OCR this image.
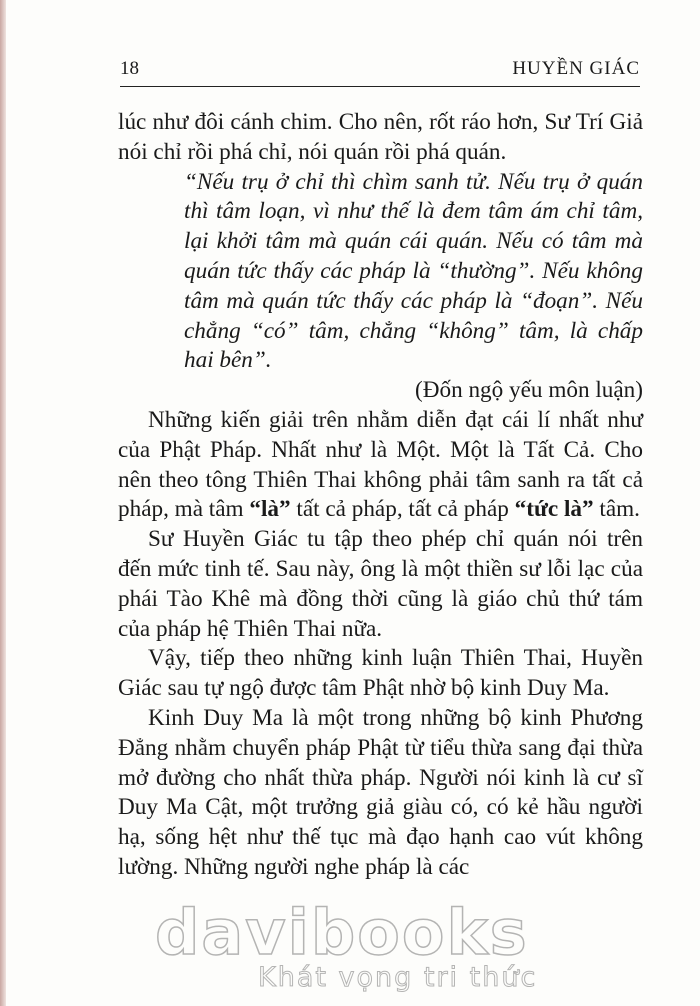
18	HUYỀN GIÁC

lúc như đôi cánh chim. Cho nên, rốt ráo hơn, Sư Trí Giả nói chỉ rồi phá chỉ, nói quán rồi phá quán.

“Nếu trụ ở chỉ thì chìm sanh tử. Nếu trụ ở quán thì tâm loạn, vì như thế là đem tâm ám chỉ tâm, lại khởi tâm mà quán cái quán. Nếu có tâm mà quán tức thấy các pháp là “thường”. Nếu không tâm mà quán tức thấy các pháp là “đoạn”. Nếu chẳng “có” tâm, chẳng “không” tâm, là chấp hai bên”.

(Đốn ngộ yếu môn luận)

Những kiến giải trên nhằm diễn đạt cái lí nhất như của Phật Pháp. Nhất như là Một. Một là Tất Cả. Cho nên theo tông Thiên Thai không phải tâm sanh ra tất cả pháp, mà tâm “là” tất cả pháp, tất cả pháp “tức là” tâm.

Sư Huyền Giác tu tập theo phép chỉ quán nói trên đến mức tinh tế. Sau này, ông là một thiền sư lỗi lạc của phái Tào Khê mà đồng thời cũng là giáo chủ thứ tám của pháp hệ Thiên Thai nữa.

Vậy, tiếp theo những kinh luận Thiên Thai, Huyền Giác sau tự ngộ được tâm Phật nhờ bộ kinh Duy Ma.

Kinh Duy Ma là một trong những bộ kinh Phương Đẳng nhằm chuyển pháp Phật từ tiểu thừa sang đại thừa mở đường cho nhất thừa pháp. Người nói kinh là cư sĩ Duy Ma Cật, một trưởng giả giàu có, có kẻ hầu người hạ, sống hệt như thế tục mà đạo hạnh cao vút không lường. Những người nghe pháp là các

davibooks
Khát vọng tri thức
